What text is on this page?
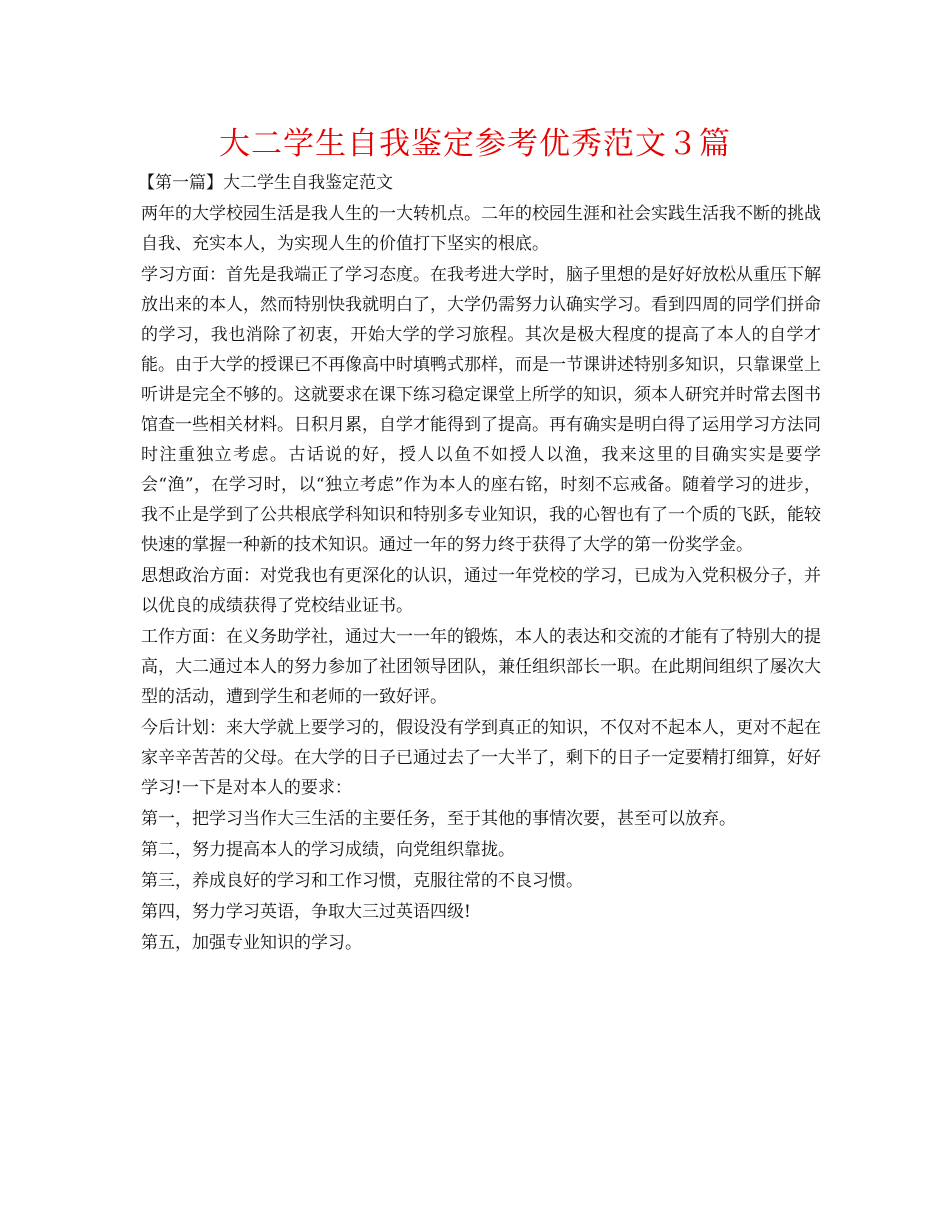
大二学生自我鉴定参考优秀范文３篇

【第一篇】大二学生自我鉴定范文

两年的大学校园生活是我人生的一大转机点。二年的校园生涯和社会实践生活我不断的挑战自我、充实本人，为实现人生的价值打下坚实的根底。

学习方面：首先是我端正了学习态度。在我考进大学时，脑子里想的是好好放松从重压下解放出来的本人，然而特别快我就明白了，大学仍需努力认确实学习。看到四周的同学们拼命的学习，我也消除了初衷，开始大学的学习旅程。其次是极大程度的提高了本人的自学才能。由于大学的授课已不再像高中时填鸭式那样，而是一节课讲述特别多知识，只靠课堂上听讲是完全不够的。这就要求在课下练习稳定课堂上所学的知识，须本人研究并时常去图书馆查一些相关材料。日积月累，自学才能得到了提高。再有确实是明白得了运用学习方法同时注重独立考虑。古话说的好，授人以鱼不如授人以渔，我来这里的目确实实是要学会“渔”，在学习时，以“独立考虑”作为本人的座右铭，时刻不忘戒备。随着学习的进步，我不止是学到了公共根底学科知识和特别多专业知识，我的心智也有了一个质的飞跃，能较快速的掌握一种新的技术知识。通过一年的努力终于获得了大学的第一份奖学金。

思想政治方面：对党我也有更深化的认识，通过一年党校的学习，已成为入党积极分子，并以优良的成绩获得了党校结业证书。

工作方面：在义务助学社，通过大一一年的锻炼，本人的表达和交流的才能有了特别大的提高，大二通过本人的努力参加了社团领导团队，兼任组织部长一职。在此期间组织了屡次大型的活动，遭到学生和老师的一致好评。

今后计划：来大学就上要学习的，假设没有学到真正的知识，不仅对不起本人，更对不起在家辛辛苦苦的父母。在大学的日子已通过去了一大半了，剩下的日子一定要精打细算，好好学习!一下是对本人的要求：

第一，把学习当作大三生活的主要任务，至于其他的事情次要，甚至可以放弃。

第二，努力提高本人的学习成绩，向党组织靠拢。

第三，养成良好的学习和工作习惯，克服往常的不良习惯。

第四，努力学习英语，争取大三过英语四级!

第五，加强专业知识的学习。
